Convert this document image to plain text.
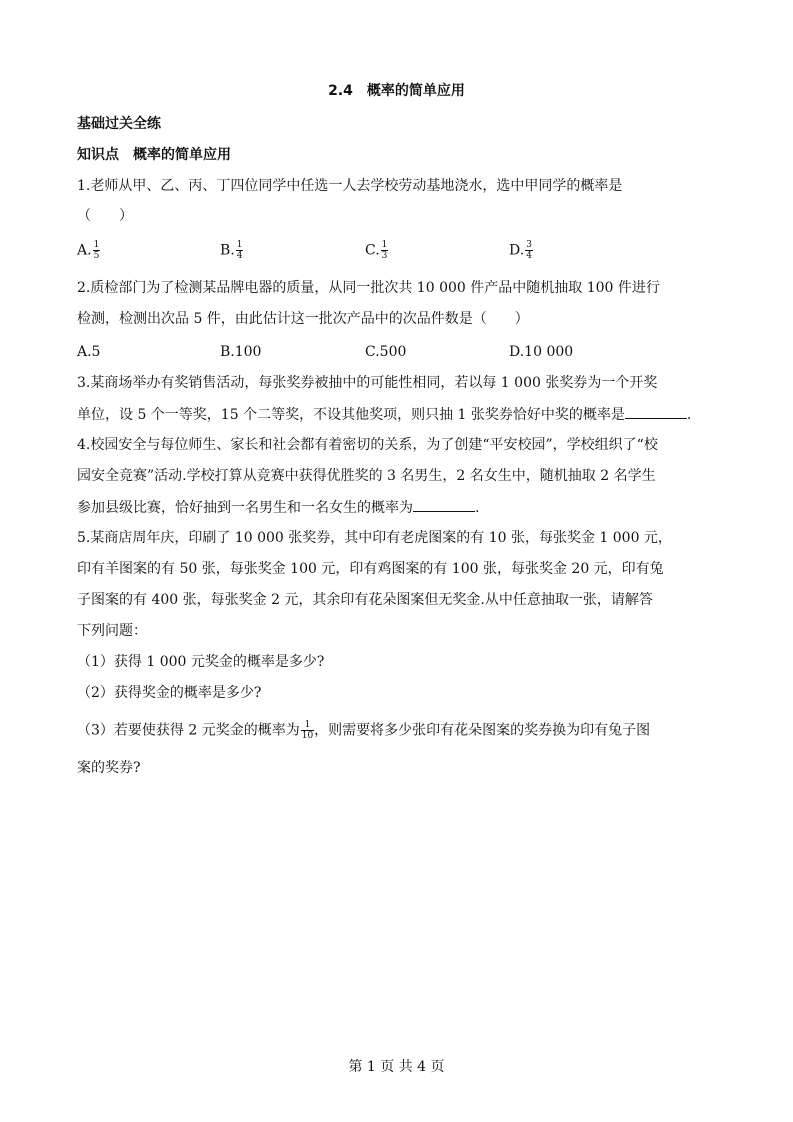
2.4　概率的简单应用
基础过关全练
知识点　概率的简单应用
1.老师从甲、乙、丙、丁四位同学中任选一人去学校劳动基地浇水，选中甲同学的概率是
（　　）
A. $\frac{1}{5}$	B. $\frac{1}{4}$	C. $\frac{1}{3}$	D. $\frac{3}{4}$
2.质检部门为了检测某品牌电器的质量，从同一批次共 10 000 件产品中随机抽取 100 件进行
检测，检测出次品 5 件，由此估计这一批次产品中的次品件数是（　　）
A.5	B.100	C.500	D.10 000
3.某商场举办有奖销售活动，每张奖券被抽中的可能性相同，若以每 1 000 张奖券为一个开奖
单位，设 5 个一等奖，15 个二等奖，不设其他奖项，则只抽 1 张奖券恰好中奖的概率是	.
4.校园安全与每位师生、家长和社会都有着密切的关系，为了创建“平安校园”，学校组织了“校
园安全竞赛”活动.学校打算从竞赛中获得优胜奖的 3 名男生，2 名女生中，随机抽取 2 名学生
参加县级比赛，恰好抽到一名男生和一名女生的概率为	.
5.某商店周年庆，印刷了 10 000 张奖券，其中印有老虎图案的有 10 张，每张奖金 1 000 元，
印有羊图案的有 50 张，每张奖金 100 元，印有鸡图案的有 100 张，每张奖金 20 元，印有兔
子图案的有 400 张，每张奖金 2 元，其余印有花朵图案但无奖金.从中任意抽取一张，请解答
下列问题：
（1）获得 1 000 元奖金的概率是多少?
（2）获得奖金的概率是多少?
（3）若要使获得 2 元奖金的概率为 $\frac{1}{10}$ ，则需要将多少张印有花朵图案的奖券换为印有兔子图
案的奖券?
第 1 页 共 4 页
